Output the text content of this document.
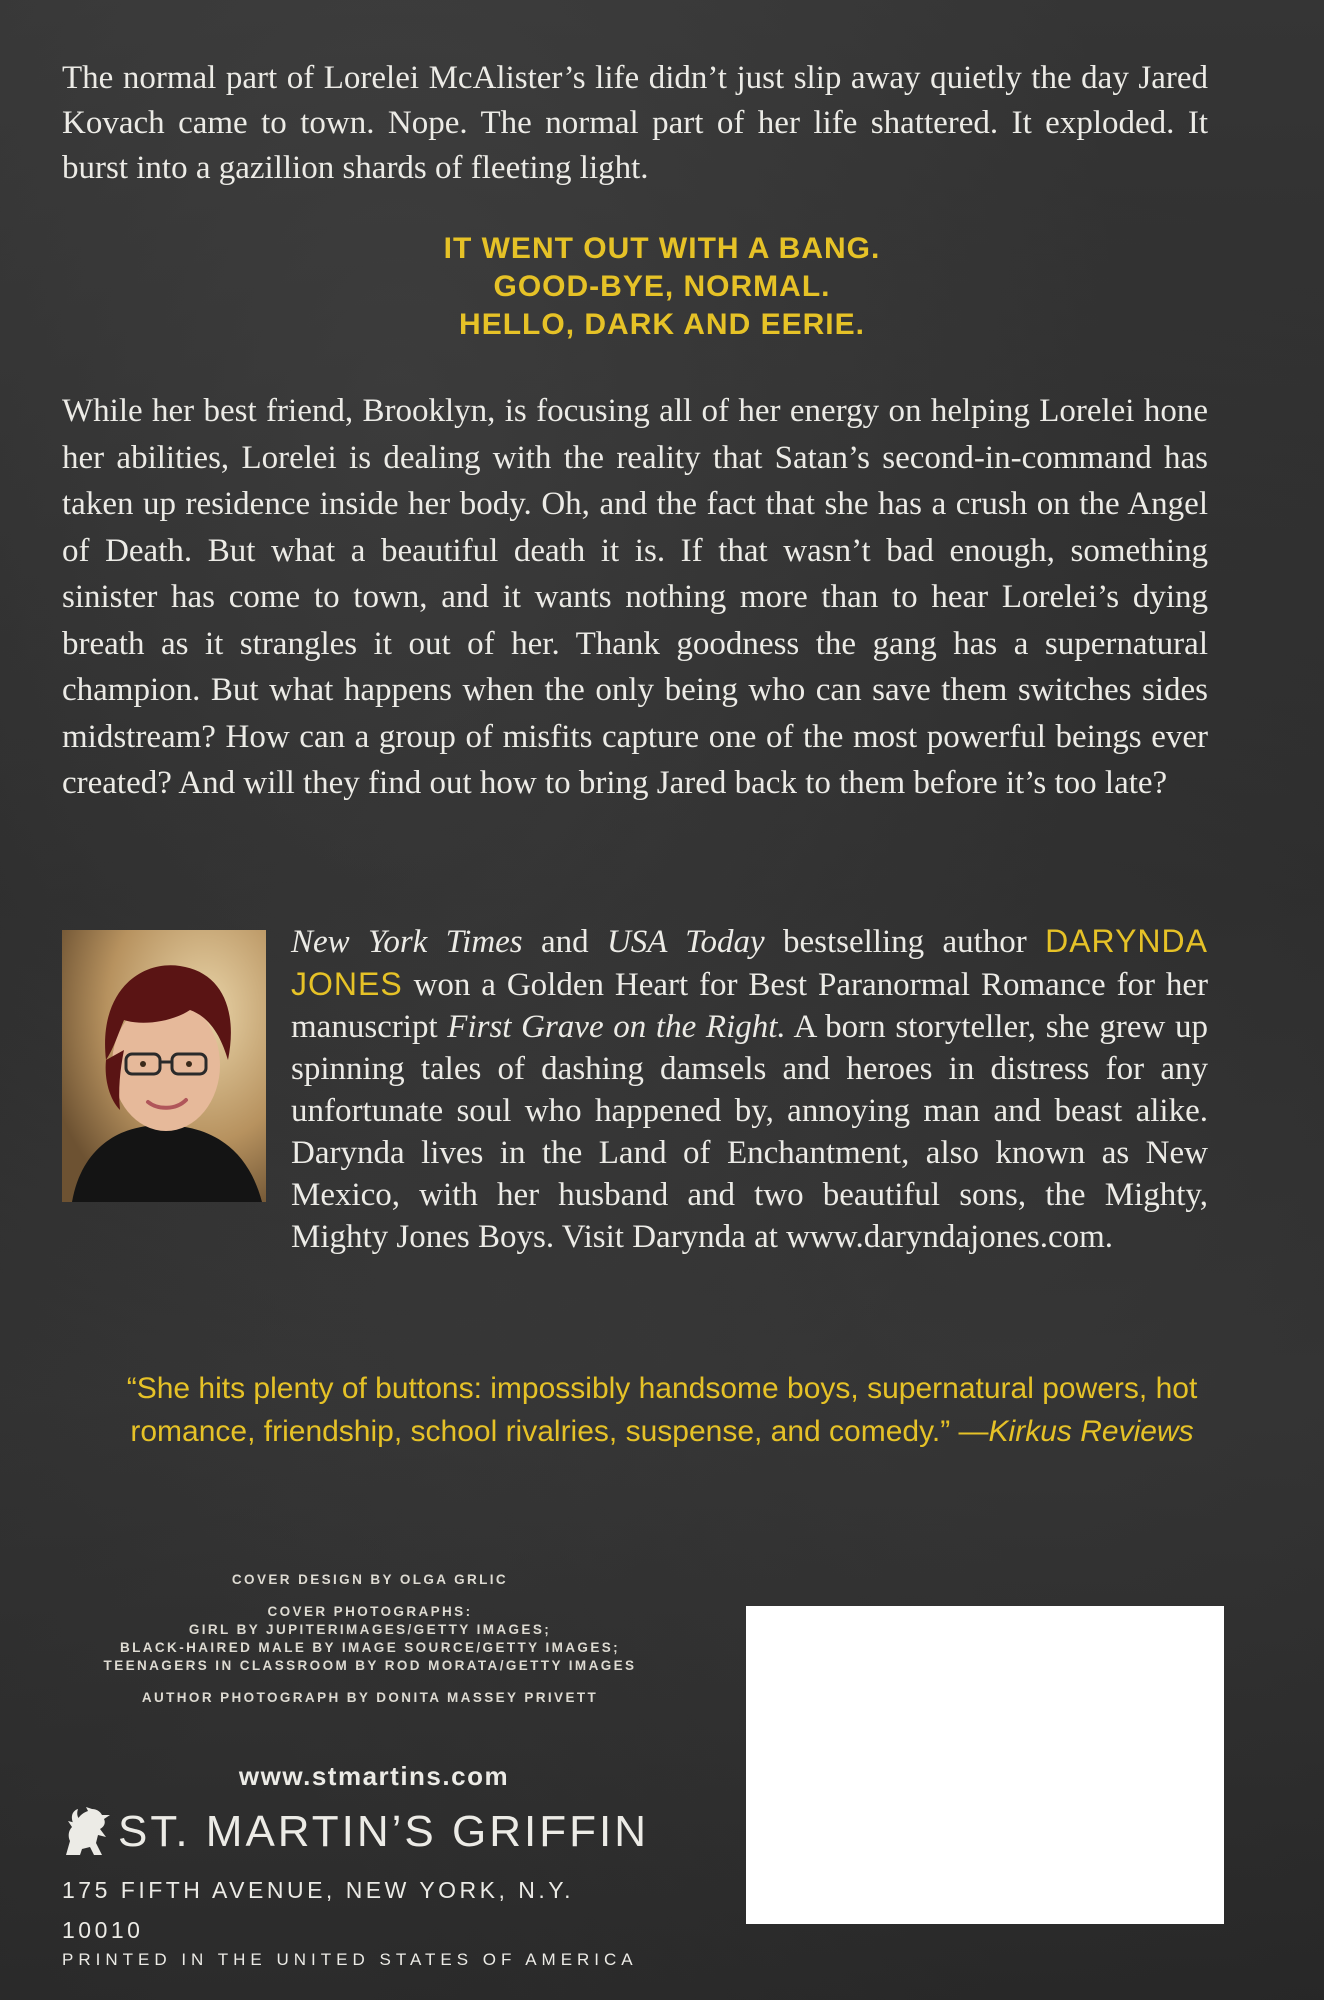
The normal part of Lorelei McAlister’s life didn’t just slip away quietly the day Jared Kovach came to town. Nope. The normal part of her life shattered. It exploded. It burst into a gazillion shards of fleeting light.

IT WENT OUT WITH A BANG.
GOOD-BYE, NORMAL.
HELLO, DARK AND EERIE.

While her best friend, Brooklyn, is focusing all of her energy on helping Lorelei hone her abilities, Lorelei is dealing with the reality that Satan’s second-in-command has taken up residence inside her body. Oh, and the fact that she has a crush on the Angel of Death. But what a beautiful death it is. If that wasn’t bad enough, something sinister has come to town, and it wants nothing more than to hear Lorelei’s dying breath as it strangles it out of her. Thank goodness the gang has a supernatural champion. But what happens when the only being who can save them switches sides midstream? How can a group of misfits capture one of the most powerful beings ever created? And will they find out how to bring Jared back to them before it’s too late?

New York Times and USA Today bestselling author DARYNDA JONES won a Golden Heart for Best Paranormal Romance for her manuscript First Grave on the Right. A born storyteller, she grew up spinning tales of dashing damsels and heroes in distress for any unfortunate soul who happened by, annoying man and beast alike. Darynda lives in the Land of Enchantment, also known as New Mexico, with her husband and two beautiful sons, the Mighty, Mighty Jones Boys. Visit Darynda at www.daryndajones.com.

“She hits plenty of buttons: impossibly handsome boys, supernatural powers, hot romance, friendship, school rivalries, suspense, and comedy.” —Kirkus Reviews
COVER DESIGN BY OLGA GRLIC
COVER PHOTOGRAPHS:
GIRL BY JUPITERIMAGES/GETTY IMAGES;
BLACK-HAIRED MALE BY IMAGE SOURCE/GETTY IMAGES;
TEENAGERS IN CLASSROOM BY ROD MORATA/GETTY IMAGES
AUTHOR PHOTOGRAPH BY DONITA MASSEY PRIVETT
www.stmartins.com
ST. MARTIN’S GRIFFIN
175 FIFTH AVENUE, NEW YORK, N.Y.
10010
PRINTED IN THE UNITED STATES OF AMERICA
